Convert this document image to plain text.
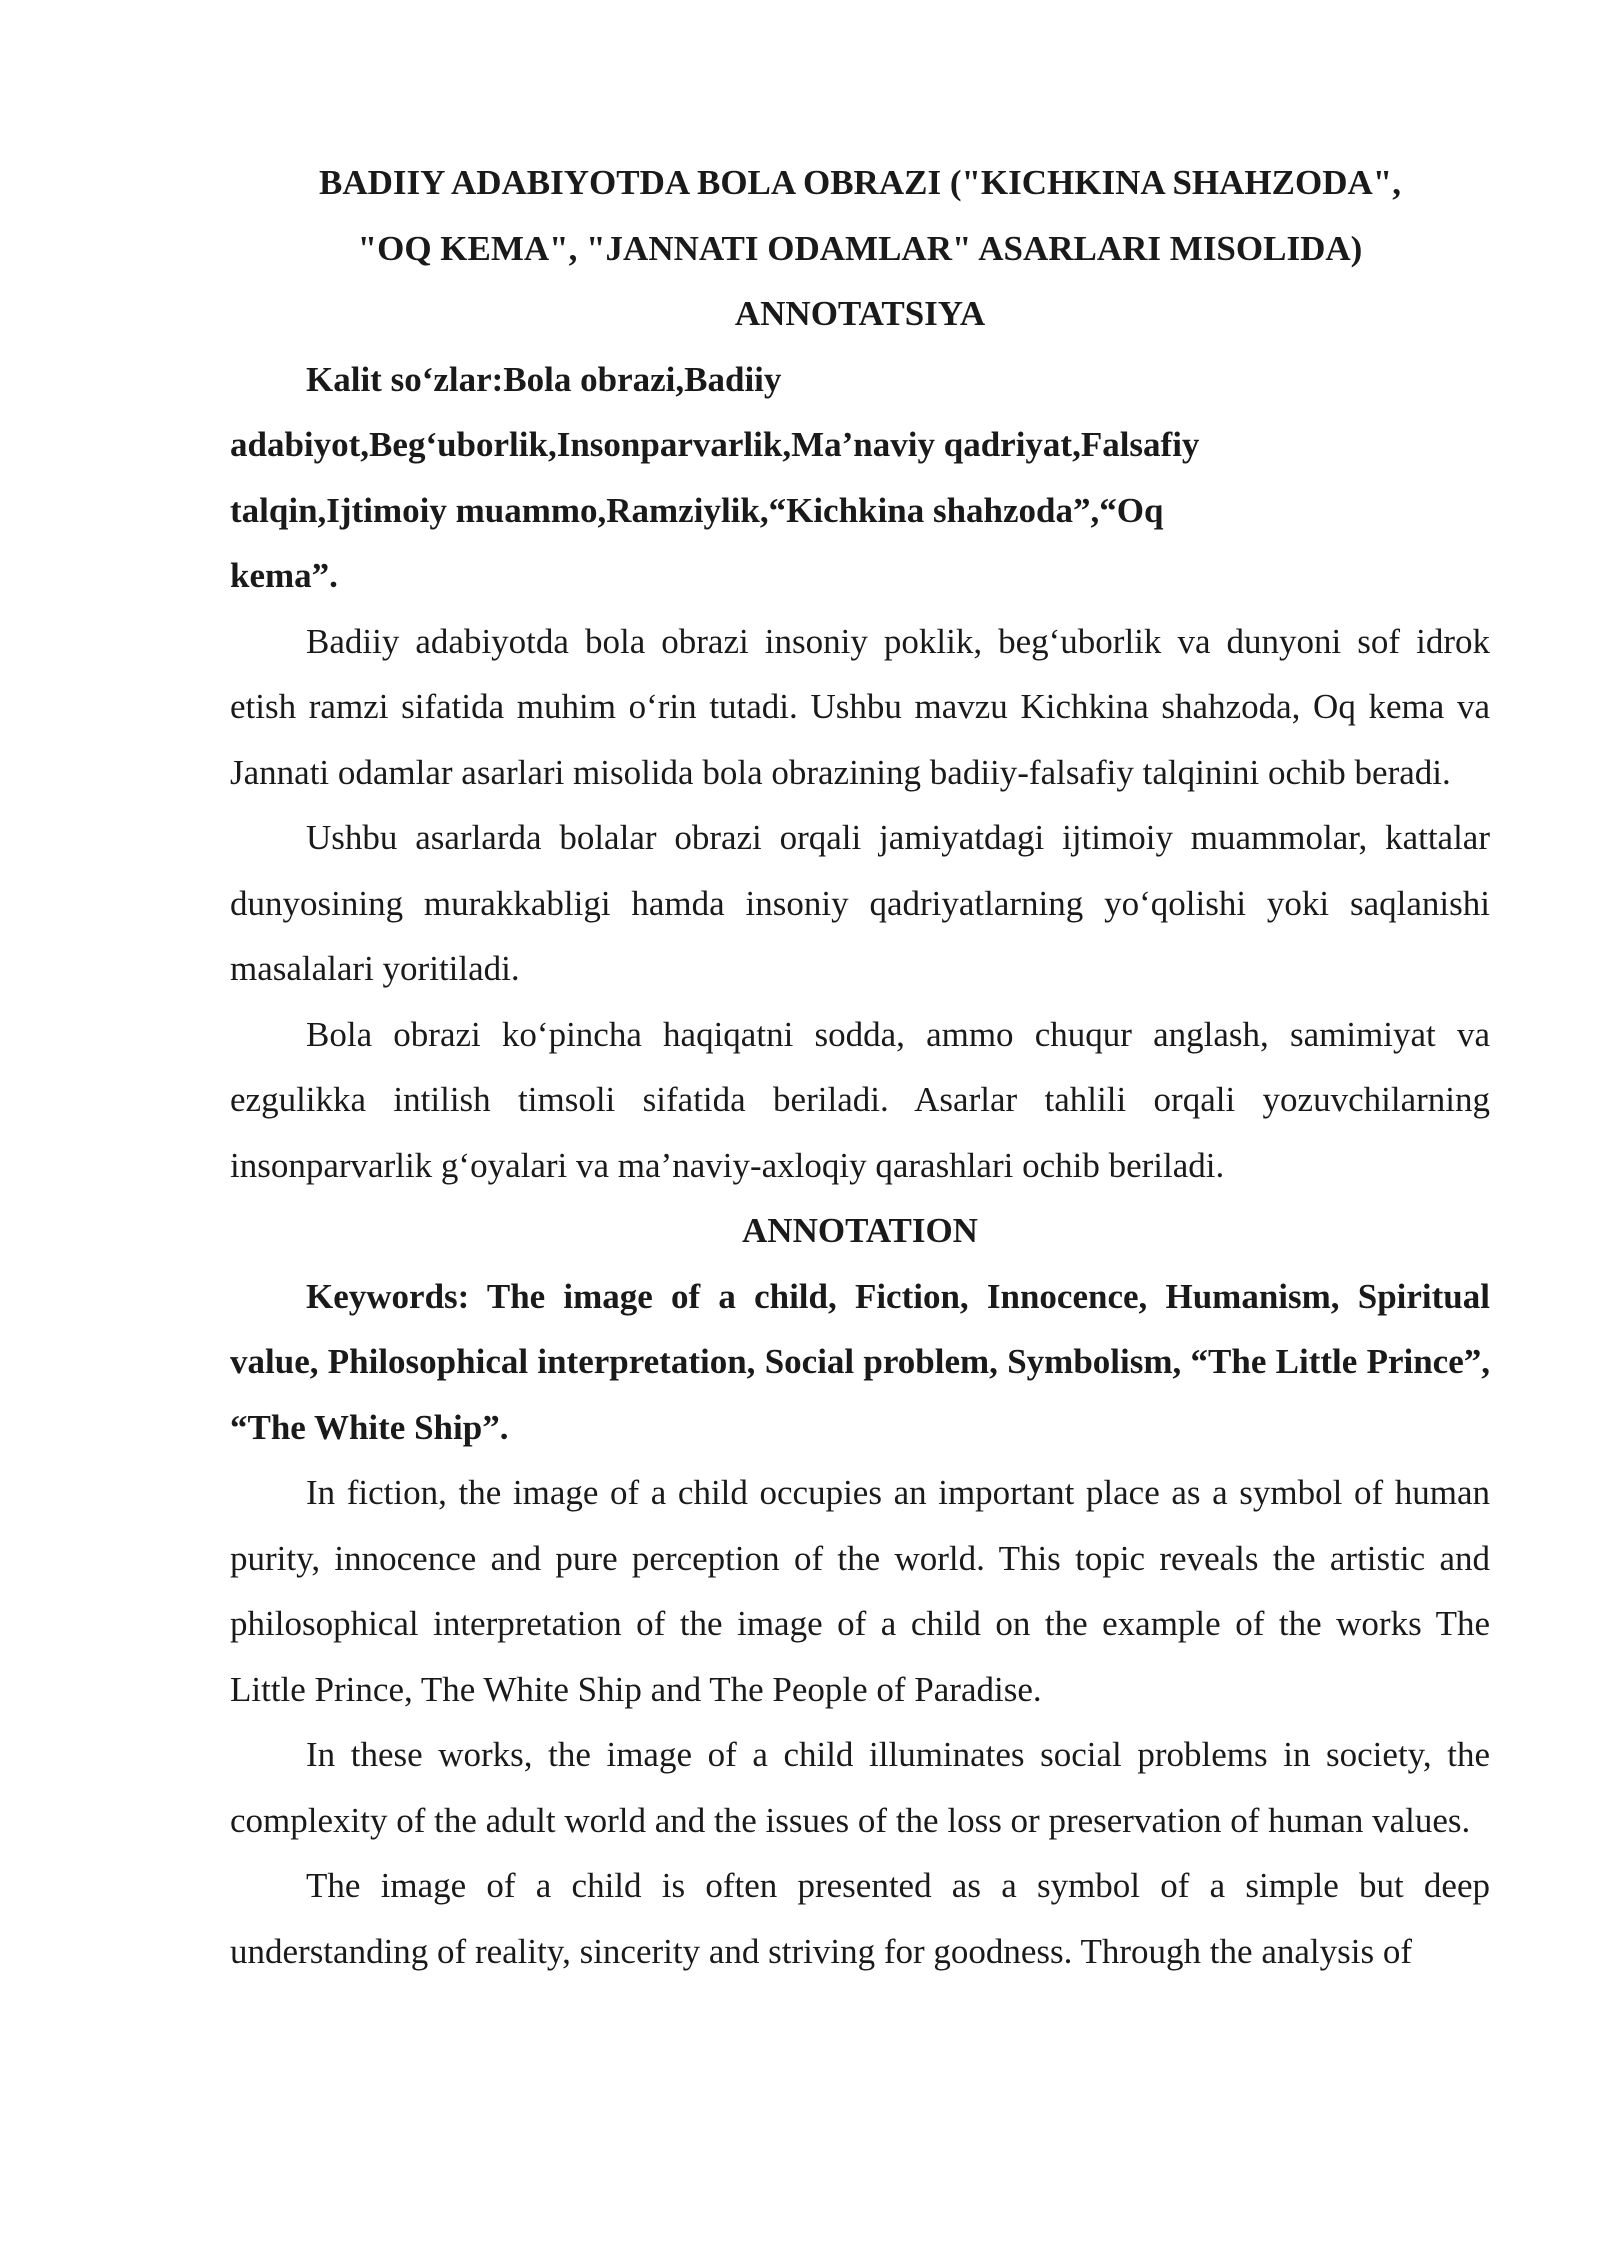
BADIIY ADABIYOTDA BOLA OBRAZI ("KICHKINA SHAHZODA",
"OQ KEMA", "JANNATI ODAMLAR" ASARLARI MISOLIDA)

ANNOTATSIYA

Kalit so‘zlar:Bola obrazi,Badiiy adabiyot,Beg‘uborlik,Insonparvarlik,Ma’naviy qadriyat,Falsafiy talqin,Ijtimoiy muammo,Ramziylik,“Kichkina shahzoda”,“Oq kema”.

Badiiy adabiyotda bola obrazi insoniy poklik, beg‘uborlik va dunyoni sof idrok etish ramzi sifatida muhim o‘rin tutadi. Ushbu mavzu Kichkina shahzoda, Oq kema va Jannati odamlar asarlari misolida bola obrazining badiiy-falsafiy talqinini ochib beradi.

Ushbu asarlarda bolalar obrazi orqali jamiyatdagi ijtimoiy muammolar, kattalar dunyosining murakkabligi hamda insoniy qadriyatlarning yo‘qolishi yoki saqlanishi masalalari yoritiladi.

Bola obrazi ko‘pincha haqiqatni sodda, ammo chuqur anglash, samimiyat va ezgulikka intilish timsoli sifatida beriladi. Asarlar tahlili orqali yozuvchilarning insonparvarlik g‘oyalari va ma’naviy-axloqiy qarashlari ochib beriladi.

ANNOTATION

Keywords: The image of a child, Fiction, Innocence, Humanism, Spiritual value, Philosophical interpretation, Social problem, Symbolism, “The Little Prince”, “The White Ship”.

In fiction, the image of a child occupies an important place as a symbol of human purity, innocence and pure perception of the world. This topic reveals the artistic and philosophical interpretation of the image of a child on the example of the works The Little Prince, The White Ship and The People of Paradise.

In these works, the image of a child illuminates social problems in society, the complexity of the adult world and the issues of the loss or preservation of human values.

The image of a child is often presented as a symbol of a simple but deep understanding of reality, sincerity and striving for goodness. Through the analysis of
